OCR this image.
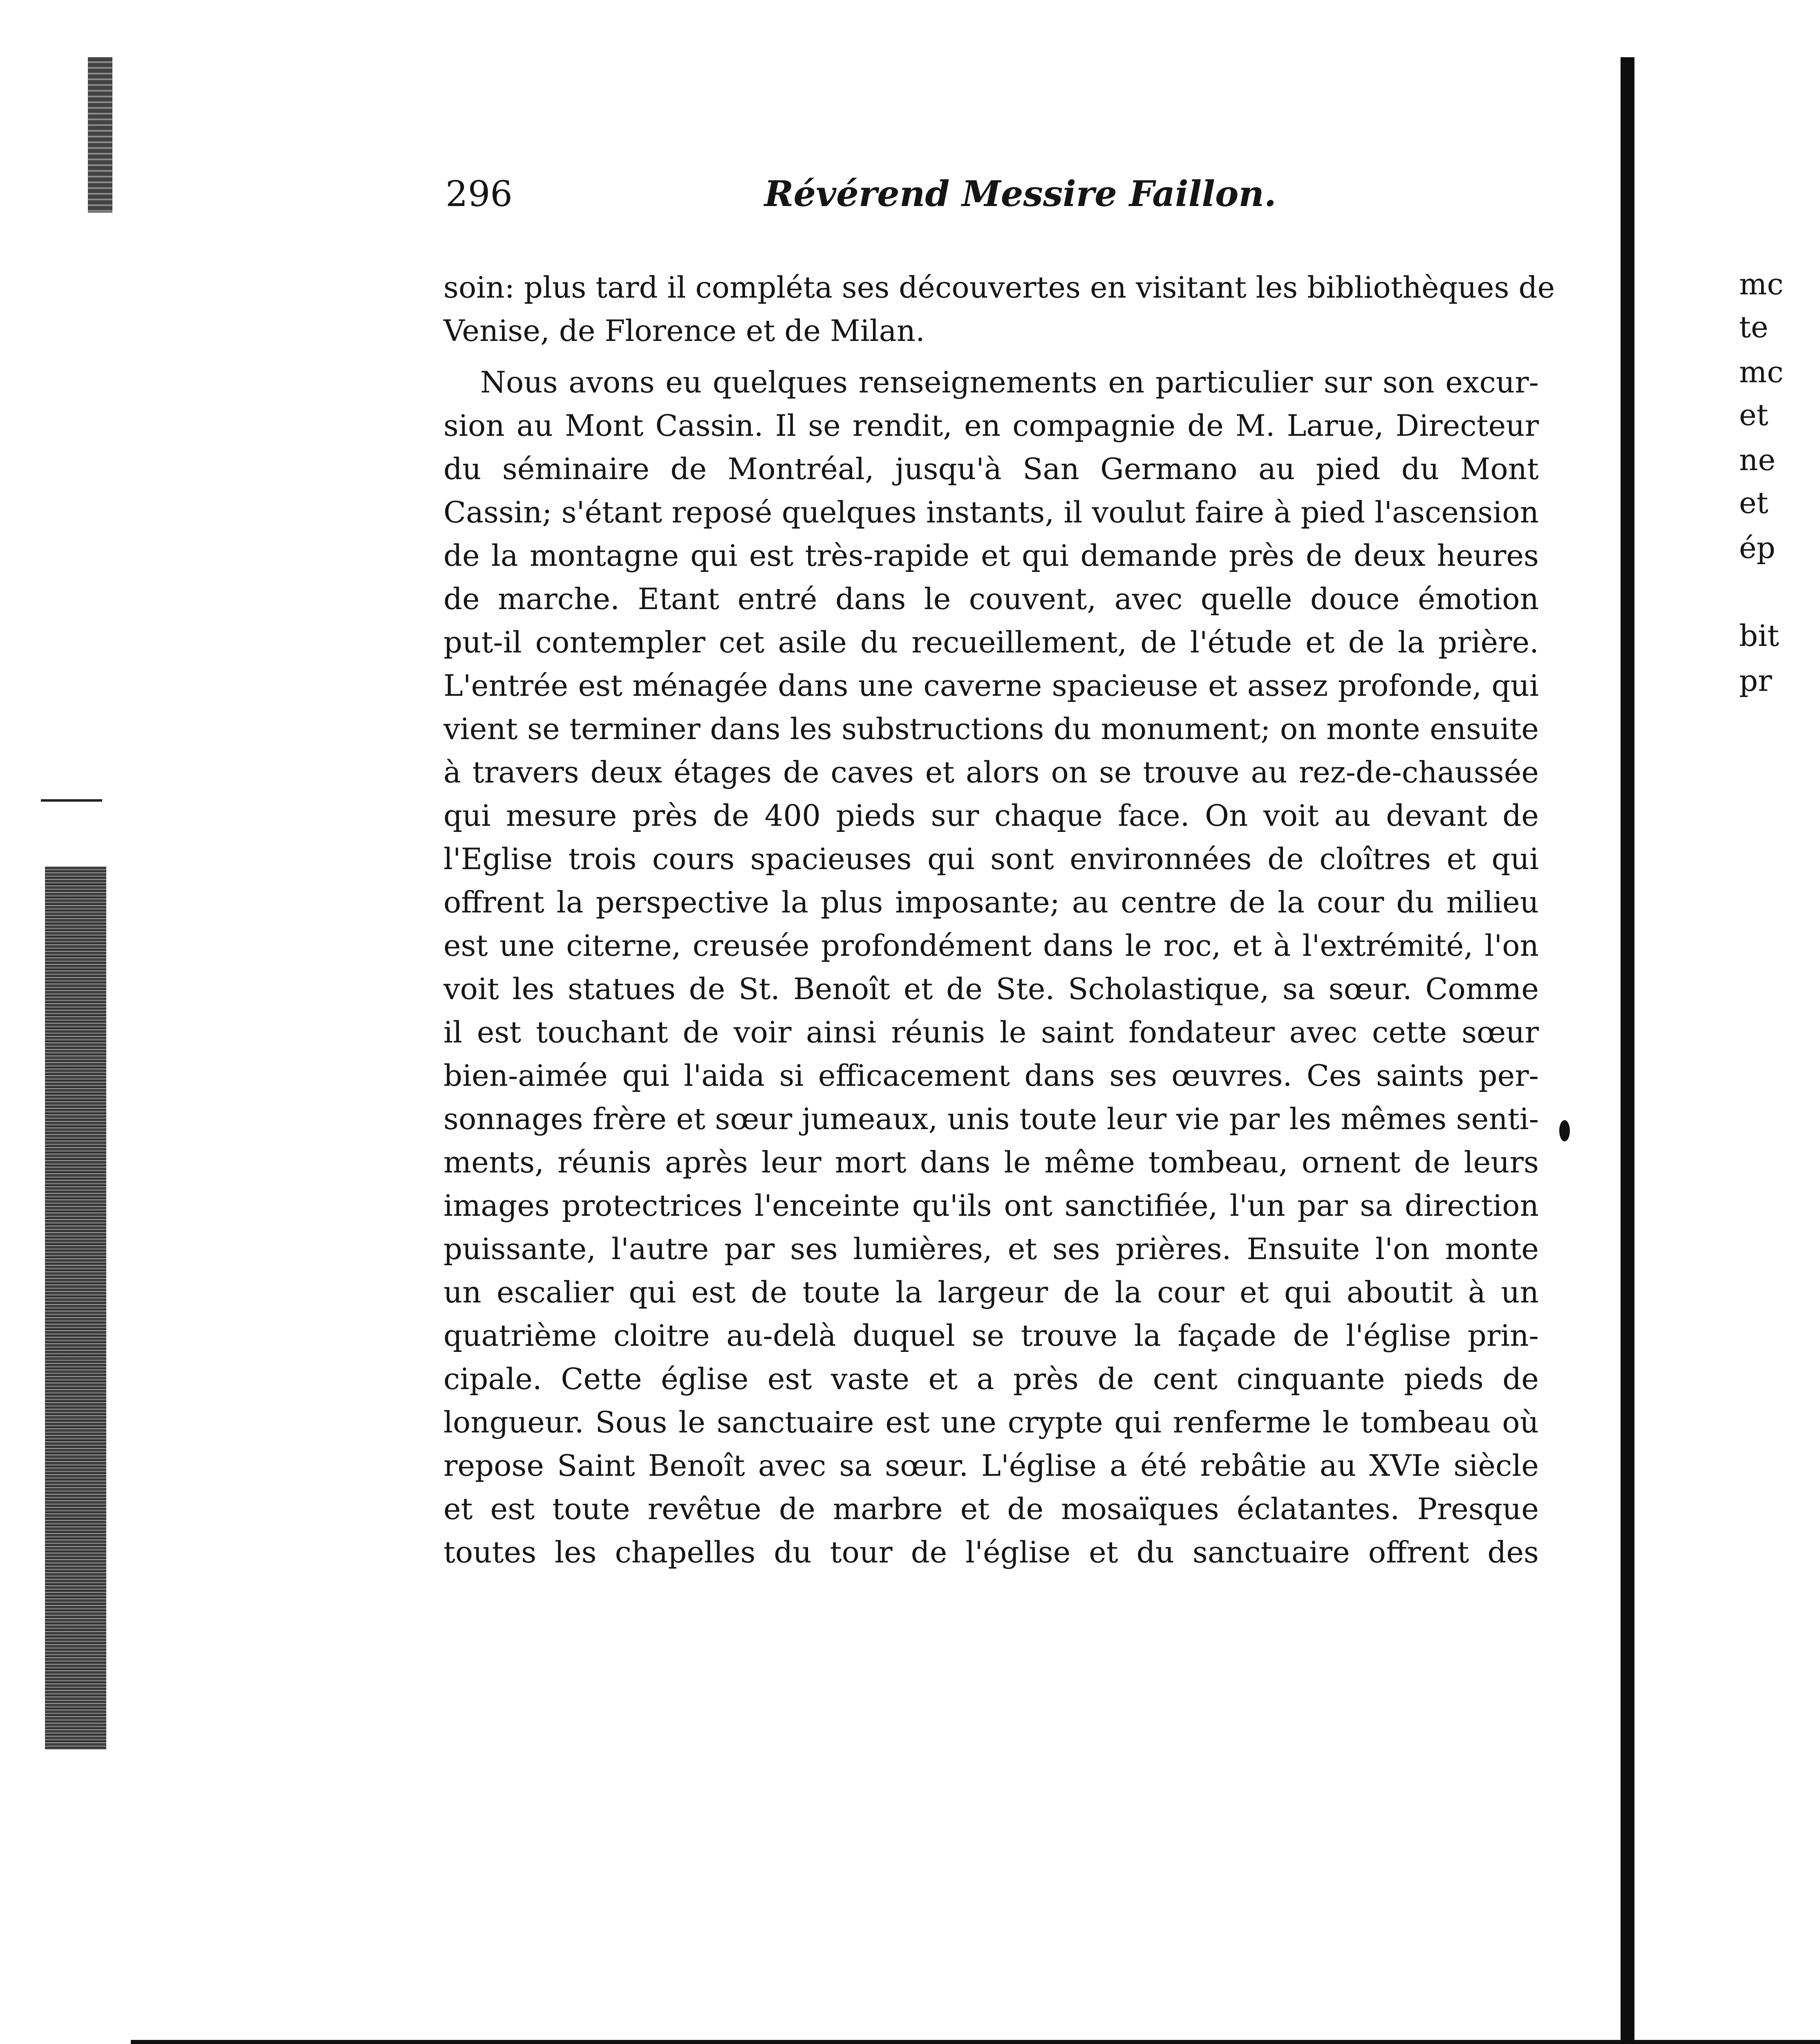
296	Révérend Messire Faillon.
soin: plus tard il compléta ses découvertes en visitant les bibliothèques de
Venise, de Florence et de Milan.
Nous avons eu quelques renseignements en particulier sur son excur-
sion au Mont Cassin. Il se rendit, en compagnie de M. Larue, Directeur
du séminaire de Montréal, jusqu'à San Germano au pied du Mont
Cassin; s'étant reposé quelques instants, il voulut faire à pied l'ascension
de la montagne qui est très-rapide et qui demande près de deux heures
de marche. Etant entré dans le couvent, avec quelle douce émotion
put-il contempler cet asile du recueillement, de l'étude et de la prière.
L'entrée est ménagée dans une caverne spacieuse et assez profonde, qui
vient se terminer dans les substructions du monument; on monte ensuite
à travers deux étages de caves et alors on se trouve au rez-de-chaussée
qui mesure près de 400 pieds sur chaque face. On voit au devant de
l'Eglise trois cours spacieuses qui sont environnées de cloîtres et qui
offrent la perspective la plus imposante; au centre de la cour du milieu
est une citerne, creusée profondément dans le roc, et à l'extrémité, l'on
voit les statues de St. Benoît et de Ste. Scholastique, sa sœur. Comme
il est touchant de voir ainsi réunis le saint fondateur avec cette sœur
bien-aimée qui l'aida si efficacement dans ses œuvres. Ces saints per-
sonnages frère et sœur jumeaux, unis toute leur vie par les mêmes senti-
ments, réunis après leur mort dans le même tombeau, ornent de leurs
images protectrices l'enceinte qu'ils ont sanctifiée, l'un par sa direction
puissante, l'autre par ses lumières, et ses prières. Ensuite l'on monte
un escalier qui est de toute la largeur de la cour et qui aboutit à un
quatrième cloitre au-delà duquel se trouve la façade de l'église prin-
cipale. Cette église est vaste et a près de cent cinquante pieds de
longueur. Sous le sanctuaire est une crypte qui renferme le tombeau où
repose Saint Benoît avec sa sœur. L'église a été rebâtie au XVIe siècle
et est toute revêtue de marbre et de mosaïques éclatantes. Presque
toutes les chapelles du tour de l'église et du sanctuaire offrent des
mc
te
mc
et
ne
et
ép
bit
pr
